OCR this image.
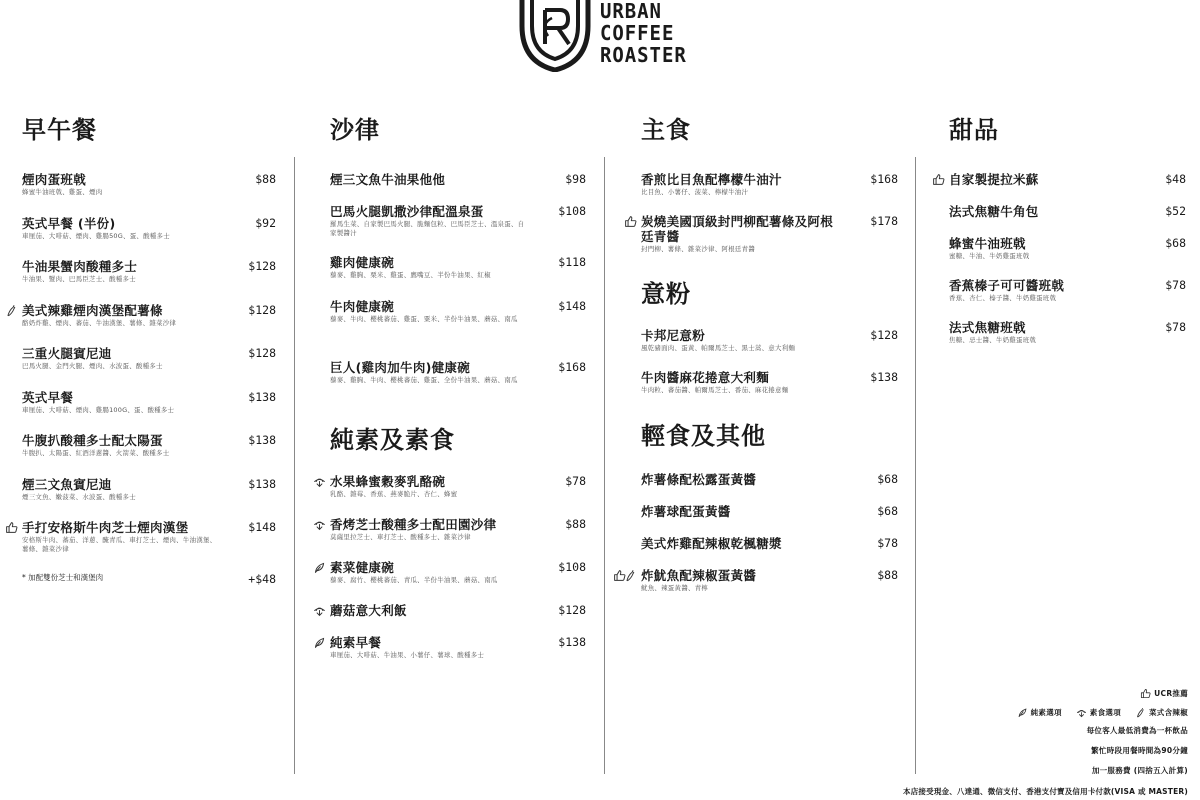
URBAN
COFFEE
ROASTER
早午餐
煙肉蛋班戟	$88
蜂蜜牛油班戟、雞蛋、煙肉
英式早餐 (半份)	$92
車厘茄、大啡菇、煙肉、雞腸50G、蛋、酸種多士
牛油果蟹肉酸種多士	$128
牛油果、蟹肉、巴馬臣芝士、酸種多士
美式辣雞煙肉漢堡配薯條	$128
酪奶炸雞、煙肉、蕃茄、牛油漢堡、薯條、雜菜沙律
三重火腿賓尼迪	$128
巴馬火腿、金門火腿、煙肉、水波蛋、酸種多士
英式早餐	$138
車厘茄、大啡菇、煙肉、雞腸100G、蛋、酸種多士
牛腹扒酸種多士配太陽蛋	$138
牛腹扒、太陽蛋、紅酒洋蔥醬、火箭菜、酸種多士
煙三文魚賓尼迪	$138
煙三文魚、嫩菠菜、水波蛋、酸種多士
手打安格斯牛肉芝士煙肉漢堡	$148
安格斯牛肉、蕃茄、洋蔥、醃青瓜、車打芝士、煙肉、牛油漢堡、薯條、雜菜沙律
* 加配雙份芝士和漢堡肉	+$48
沙律
煙三文魚牛油果他他	$98
巴馬火腿凱撒沙律配溫泉蛋	$108
羅馬生菜、自家製巴馬火腿、脆麵包粒、巴馬臣芝士、溫泉蛋、自家製醬汁
雞肉健康碗	$118
藜麥、雞胸、栗米、雞蛋、鷹嘴豆、半份牛油果、紅椒
牛肉健康碗	$148
藜麥、牛肉、櫻桃蕃茄、雞蛋、粟米、半份牛油果、蘑菇、南瓜
巨人(雞肉加牛肉)健康碗	$168
藜麥、雞胸、牛肉、櫻桃蕃茄、雞蛋、全份牛油果、蘑菇、南瓜
純素及素食
水果蜂蜜穀麥乳酪碗	$78
乳酪、雜莓、香蕉、燕麥脆片、杏仁、蜂蜜
香烤芝士酸種多士配田園沙律	$88
莫薩里拉芝士、車打芝士、酸種多士、雜菜沙律
素菜健康碗	$108
藜麥、腐竹、櫻桃蕃茄、青瓜、半份牛油果、蘑菇、南瓜
蘑菇意大利飯	$128
純素早餐	$138
車厘茄、大啡菇、牛油果、小薯仔、薯球、酸種多士
主食
香煎比目魚配檸檬牛油汁	$168
比目魚、小薯仔、菠菜、檸檬牛油汁
炭燒美國頂級封門柳配薯條及阿根廷青醬
$178
封門柳、薯條、雜菜沙律、阿根廷青醬
意粉
卡邦尼意粉	$128
風乾豬面肉、蛋黃、帕爾馬芝士、黑士蒿、意大利麵
牛肉醬麻花捲意大利麵	$138
牛肉粒、蕃茄醬、帕爾馬芝士、番茄、麻花捲意麵
輕食及其他
炸薯條配松露蛋黃醬	$68
炸薯球配蛋黃醬	$68
美式炸雞配辣椒乾楓糖漿	$78
炸魷魚配辣椒蛋黃醬	$88
魷魚、辣蛋黃醬、青檸
甜品
自家製提拉米蘇	$48
法式焦糖牛角包	$52
蜂蜜牛油班戟	$68
蜜糖、牛油、牛奶雞蛋班戟
香蕉榛子可可醬班戟	$78
香蕉、杏仁、榛子醬、牛奶雞蛋班戟
法式焦糖班戟	$78
焦糖、忌士醬、牛奶雞蛋班戟
UCR推薦
純素選項	素食選項	菜式含辣椒
每位客人最低消費為一杯飲品
繁忙時段用餐時間為90分鐘
加一服務費 (四捨五入計算)
本店接受現金、八達通、微信支付、香港支付寶及信用卡付款(VISA 或 MASTER)
